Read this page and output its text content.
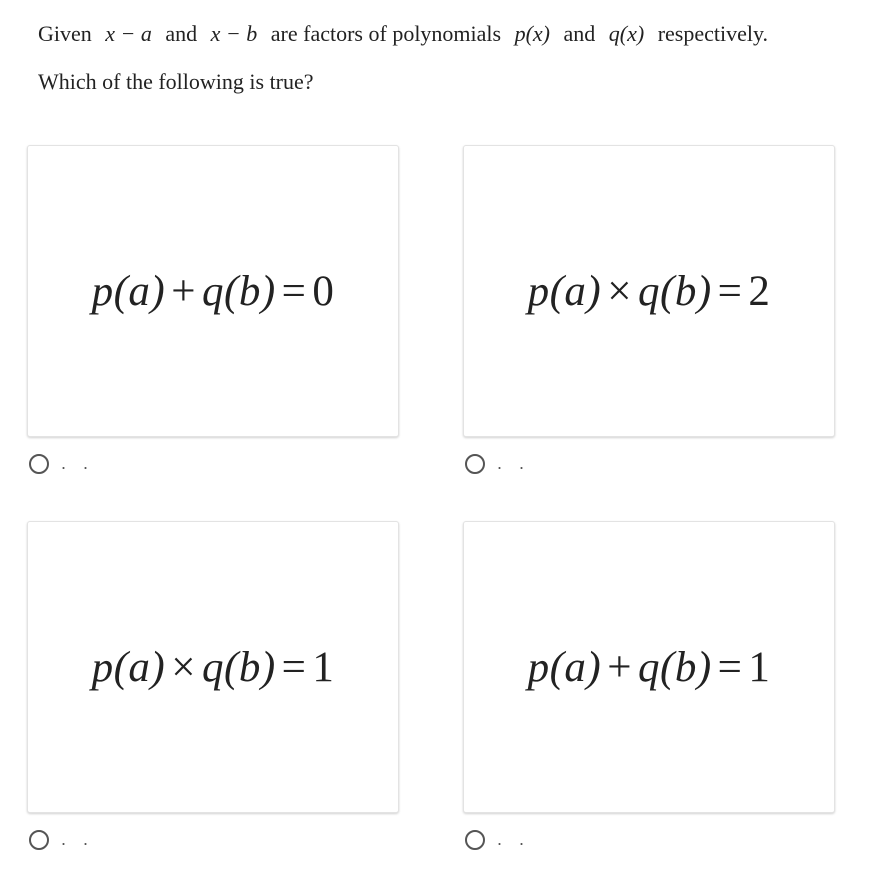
Given x − a and x − b are factors of polynomials p(x) and q(x) respectively.
Which of the following is true?
p(a) + q(b) = 0
. .
p(a) × q(b) = 2
. .
p(a) × q(b) = 1
. .
p(a) + q(b) = 1
. .
